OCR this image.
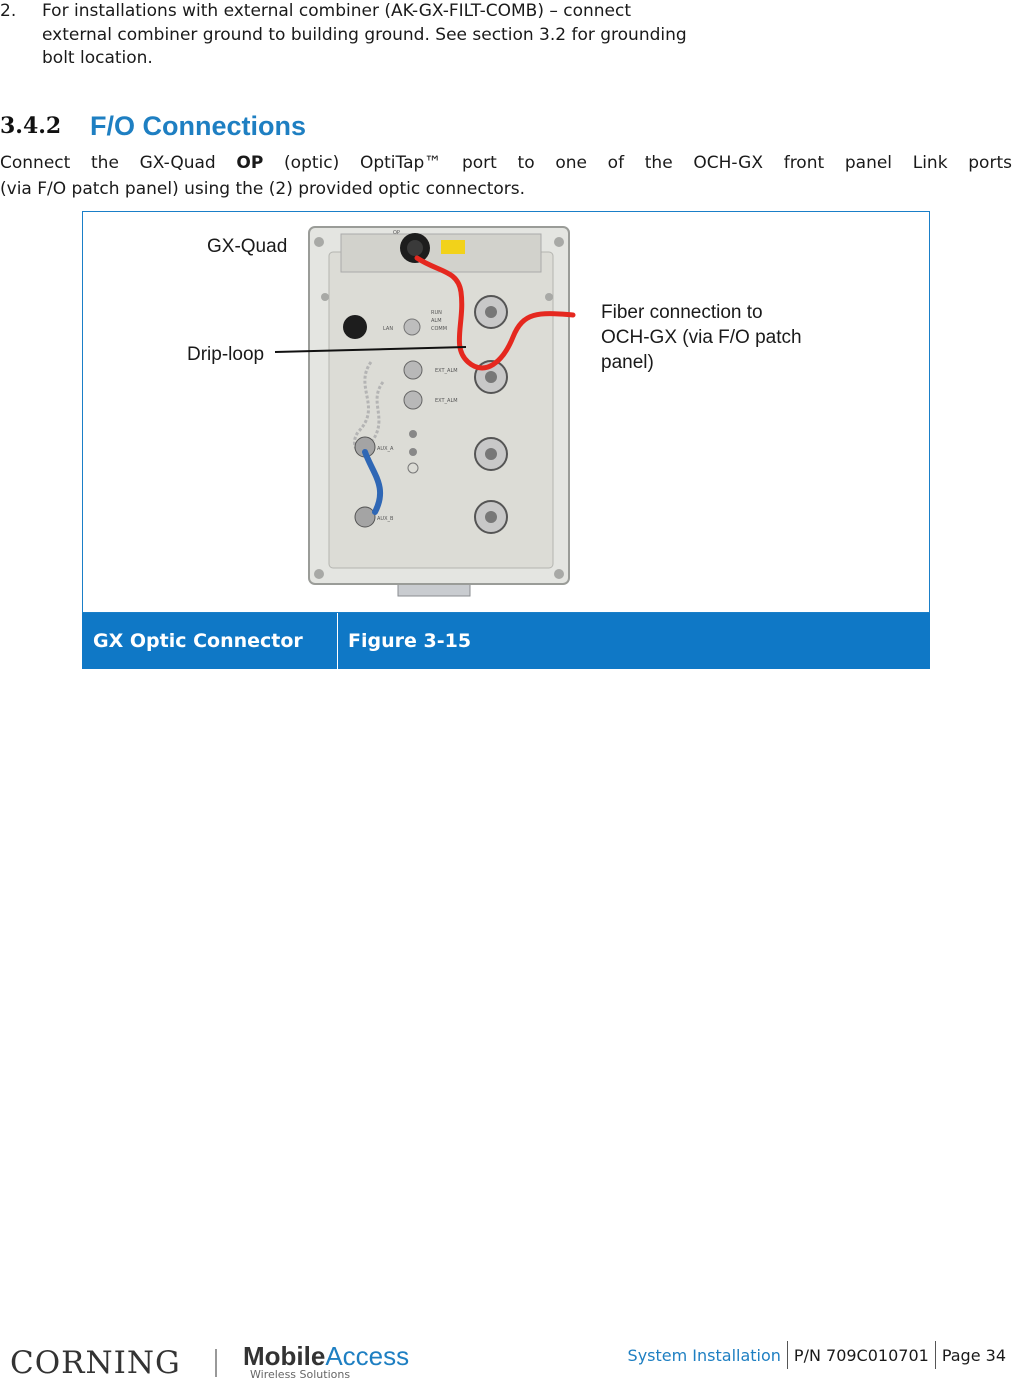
2. For installations with external combiner (AK-GX-FILT-COMB) – connect
external combiner ground to building ground. See section 3.2 for grounding
bolt location.
3.4.2	F/O Connections
Connect the GX-Quad OP (optic) OptiTap™ port to one of the OCH-GX front panel Link ports
(via F/O patch panel) using the (2) provided optic connectors.
OP
LAN
RUN
ALM
COMM
EXT_ALM
EXT_ALM
AUX_A
AUX_B
GX-Quad
Drip-loop
Fiber connection to
OCH-GX (via F/O patch
panel)
GX Optic Connector	Figure 3-15
CORNING MobileAccess
Wireless Solutions
System Installation P/N 709C010701 Page 34
